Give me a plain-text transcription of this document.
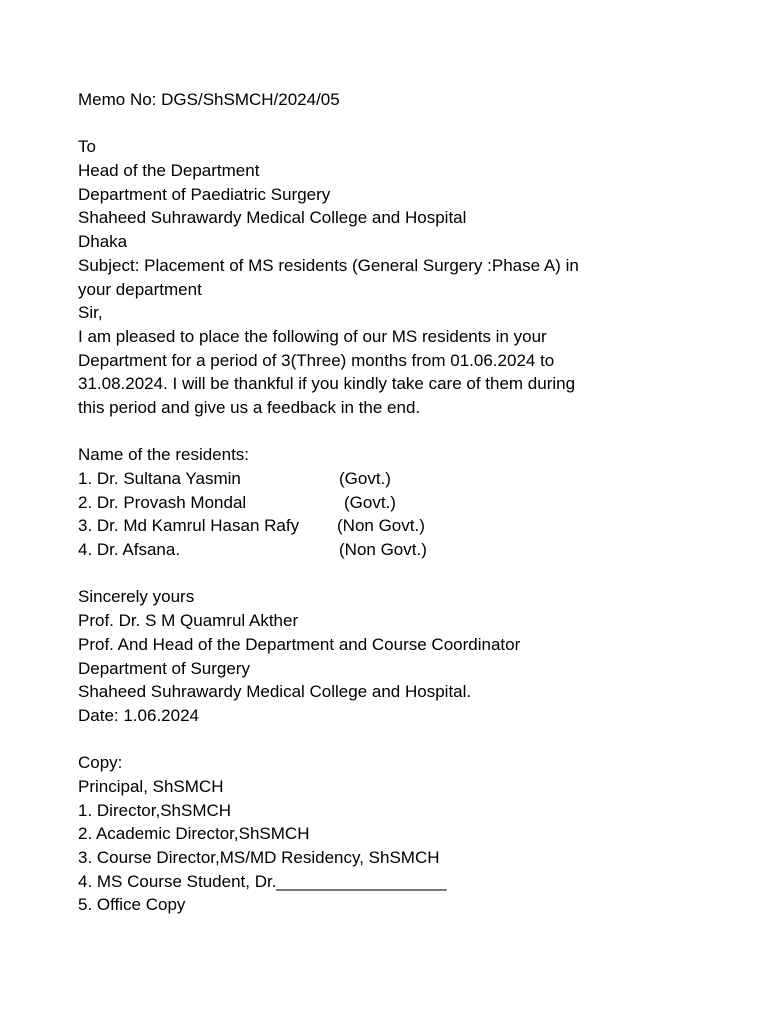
Memo No: DGS/ShSMCH/2024/05
To
Head of the Department
Department of Paediatric Surgery
Shaheed Suhrawardy Medical College and Hospital
Dhaka
Subject: Placement of MS residents (General Surgery :Phase A) in
your department
Sir,
I am pleased to place the following of our MS residents in your
Department for a period of 3(Three) months from 01.06.2024 to
31.08.2024. I will be thankful if you kindly take care of them during
this period and give us a feedback in the end.
Name of the residents:
1. Dr. Sultana Yasmin	(Govt.)
2. Dr. Provash Mondal	(Govt.)
3. Dr. Md Kamrul Hasan Rafy (Non Govt.)
4. Dr. Afsana.	(Non Govt.)
Sincerely yours
Prof. Dr. S M Quamrul Akther
Prof. And Head of the Department and Course Coordinator
Department of Surgery
Shaheed Suhrawardy Medical College and Hospital.
Date: 1.06.2024
Copy:
Principal, ShSMCH
1. Director,ShSMCH
2. Academic Director,ShSMCH
3. Course Director,MS/MD Residency, ShSMCH
4. MS Course Student, Dr.__________________
5. Office Copy
